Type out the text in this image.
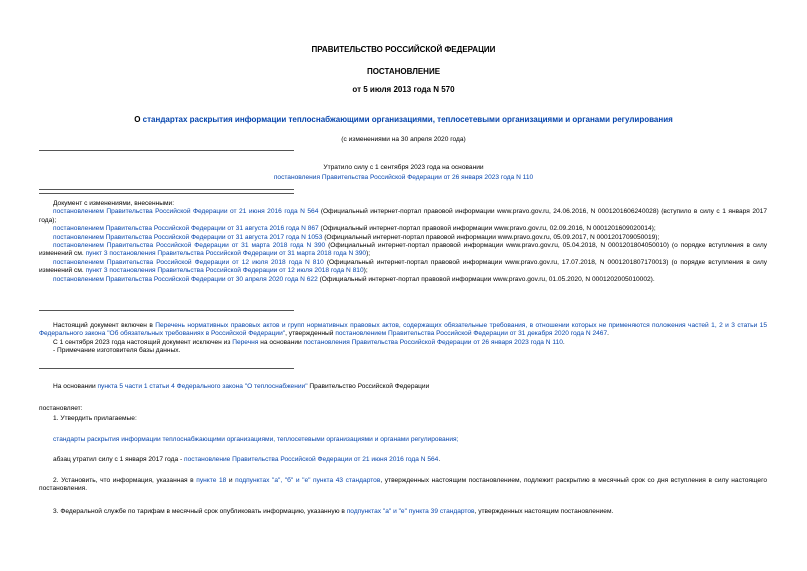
ПРАВИТЕЛЬСТВО РОССИЙСКОЙ ФЕДЕРАЦИИ
ПОСТАНОВЛЕНИЕ
от 5 июля 2013 года N 570
О стандартах раскрытия информации теплоснабжающими организациями, теплосетевыми организациями и органами регулирования
(с изменениями на 30 апреля 2020 года)
Утратило силу с 1 сентября 2023 года на основании
постановления Правительства Российской Федерации от 26 января 2023 года N 110

Документ с изменениями, внесенными:

постановлением Правительства Российской Федерации от 21 июня 2016 года N 564 (Официальный интернет-портал правовой информации www.pravo.gov.ru, 24.06.2016, N 0001201606240028) (вступило в силу с 1 января 2017 года);

постановлением Правительства Российской Федерации от 31 августа 2016 года N 867 (Официальный интернет-портал правовой информации www.pravo.gov.ru, 02.09.2016, N 0001201609020014);

постановлением Правительства Российской Федерации от 31 августа 2017 года N 1053 (Официальный интернет-портал правовой информации www.pravo.gov.ru, 05.09.2017, N 0001201709050019);

постановлением Правительства Российской Федерации от 31 марта 2018 года N 390 (Официальный интернет-портал правовой информации www.pravo.gov.ru, 05.04.2018, N 0001201804050010) (о порядке вступления в силу изменений см. пункт 3 постановления Правительства Российской Федерации от 31 марта 2018 года N 390);

постановлением Правительства Российской Федерации от 12 июля 2018 года N 810 (Официальный интернет-портал правовой информации www.pravo.gov.ru, 17.07.2018, N 0001201807170013) (о порядке вступления в силу изменений см. пункт 3 постановления Правительства Российской Федерации от 12 июля 2018 года N 810);

постановлением Правительства Российской Федерации от 30 апреля 2020 года N 622 (Официальный интернет-портал правовой информации www.pravo.gov.ru, 01.05.2020, N 0001202005010002).

Настоящий документ включен в Перечень нормативных правовых актов и групп нормативных правовых актов, содержащих обязательные требования, в отношении которых не применяются положения частей 1, 2 и 3 статьи 15 Федерального закона "Об обязательных требованиях в Российской Федерации", утвержденный постановлением Правительства Российской Федерации от 31 декабря 2020 года N 2467.

С 1 сентября 2023 года настоящий документ исключен из Перечня на основании постановления Правительства Российской Федерации от 26 января 2023 года N 110.

- Примечание изготовителя базы данных.

На основании пункта 5 части 1 статьи 4 Федерального закона "О теплоснабжении" Правительство Российской Федерации

постановляет:

1. Утвердить прилагаемые:

стандарты раскрытия информации теплоснабжающими организациями, теплосетевыми организациями и органами регулирования;

абзац утратил силу с 1 января 2017 года - постановление Правительства Российской Федерации от 21 июня 2016 года N 564.

2. Установить, что информация, указанная в пункте 18 и подпунктах "а", "б" и "е" пункта 43 стандартов, утвержденных настоящим постановлением, подлежит раскрытию в месячный срок со дня вступления в силу настоящего постановления.

3. Федеральной службе по тарифам в месячный срок опубликовать информацию, указанную в подпунктах "а" и "е" пункта 39 стандартов, утвержденных настоящим постановлением.
